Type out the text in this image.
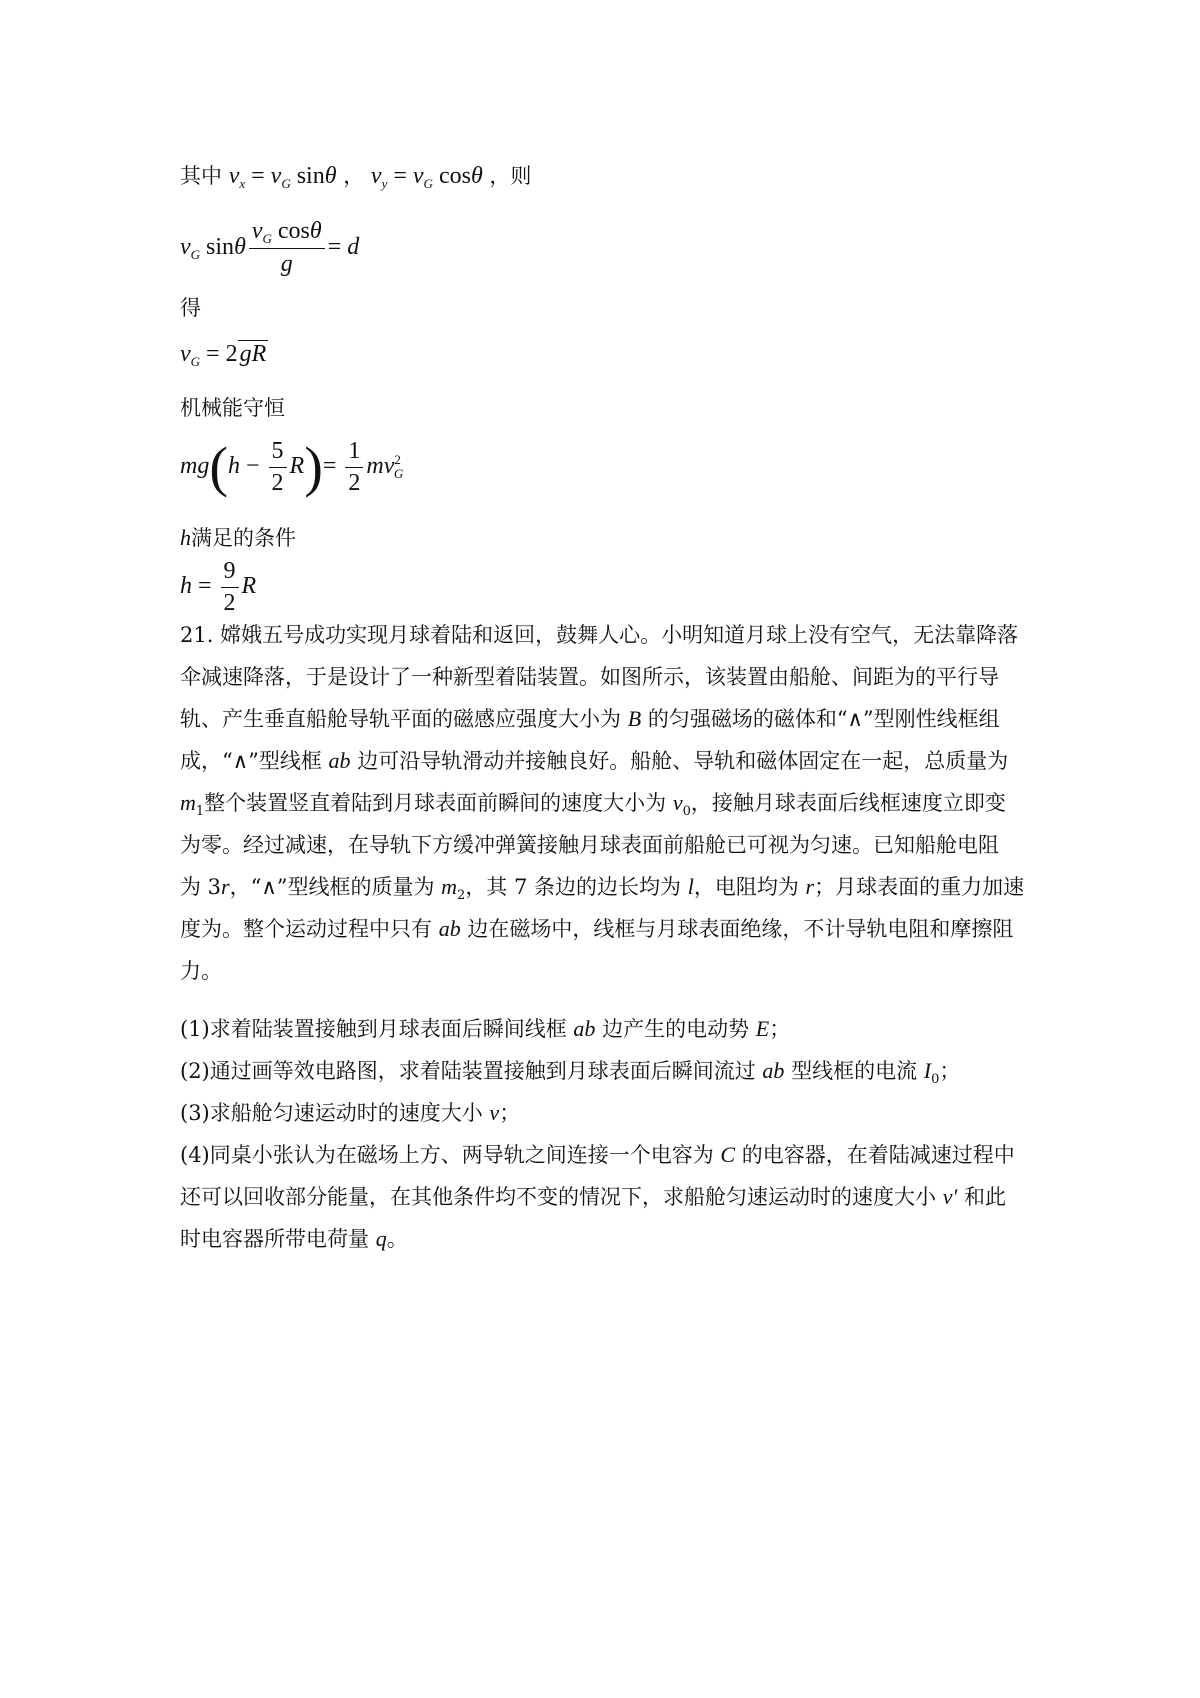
其中 $v_x = v_G$ sinθ ， $v_y = v_G$ cosθ ，则
$v_G$ sinθ $\frac{v_G \cos\theta}{g} = d$
得
$v_G = 2gR$
机械能守恒
$mg(h - \frac{5}{2} R)= \frac{1}{2} mv^2_G$
h满足的条件
$h = \frac{9}{2}$ R
21. 嫦娥五号成功实现月球着陆和返回，鼓舞人心。小明知道月球上没有空气，无法靠降落
伞减速降落，于是设计了一种新型着陆装置。如图所示，该装置由船舱、间距为的平行导
轨、产生垂直船舱导轨平面的磁感应强度大小为 B 的匀强磁场的磁体和“∧”型刚性线框组
成，“∧”型线框 ab 边可沿导轨滑动并接触良好。船舱、导轨和磁体固定在一起，总质量为
$m_1$整个装置竖直着陆到月球表面前瞬间的速度大小为 $v_0$，接触月球表面后线框速度立即变
为零。经过减速，在导轨下方缓冲弹簧接触月球表面前船舱已可视为匀速。已知船舱电阻
为 3r，“∧”型线框的质量为 $m_2$，其 7 条边的边长均为 l，电阻均为 r；月球表面的重力加速
度为。整个运动过程中只有 ab 边在磁场中，线框与月球表面绝缘，不计导轨电阻和摩擦阻
力。
(1)求着陆装置接触到月球表面后瞬间线框 ab 边产生的电动势 E；
(2)通过画等效电路图，求着陆装置接触到月球表面后瞬间流过 ab 型线框的电流 $I_0$；
(3)求船舱匀速运动时的速度大小 v；
(4)同桌小张认为在磁场上方、两导轨之间连接一个电容为 C 的电容器，在着陆减速过程中
还可以回收部分能量，在其他条件均不变的情况下，求船舱匀速运动时的速度大小 v′ 和此
时电容器所带电荷量 q。
